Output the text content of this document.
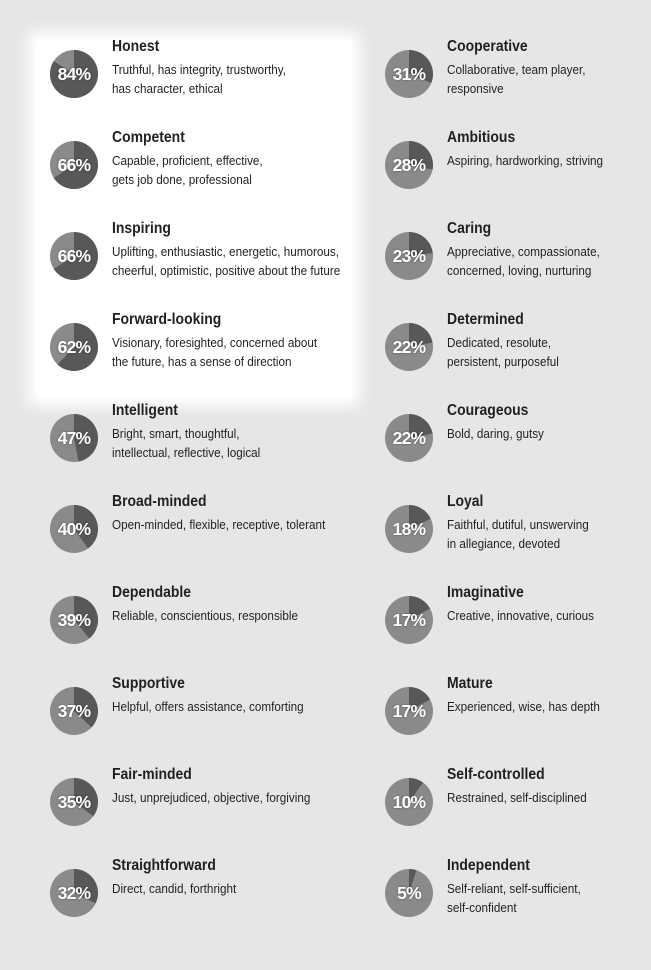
84%
Honest
Truthful, has integrity, trustworthy,
has character, ethical
66%
Competent
Capable, proficient, effective,
gets job done, professional
66%
Inspiring
Uplifting, enthusiastic, energetic, humorous,
cheerful, optimistic, positive about the future
62%
Forward-looking
Visionary, foresighted, concerned about
the future, has a sense of direction
47%
Intelligent
Bright, smart, thoughtful,
intellectual, reflective, logical
40%
Broad-minded
Open-minded, flexible, receptive, tolerant
39%
Dependable
Reliable, conscientious, responsible
37%
Supportive
Helpful, offers assistance, comforting
35%
Fair-minded
Just, unprejudiced, objective, forgiving
32%
Straightforward
Direct, candid, forthright
31%
Cooperative
Collaborative, team player,
responsive
28%
Ambitious
Aspiring, hardworking, striving
23%
Caring
Appreciative, compassionate,
concerned, loving, nurturing
22%
Determined
Dedicated, resolute,
persistent, purposeful
22%
Courageous
Bold, daring, gutsy
18%
Loyal
Faithful, dutiful, unswerving
in allegiance, devoted
17%
Imaginative
Creative, innovative, curious
17%
Mature
Experienced, wise, has depth
10%
Self-controlled
Restrained, self-disciplined
5%
Independent
Self-reliant, self-sufficient,
self-confident
